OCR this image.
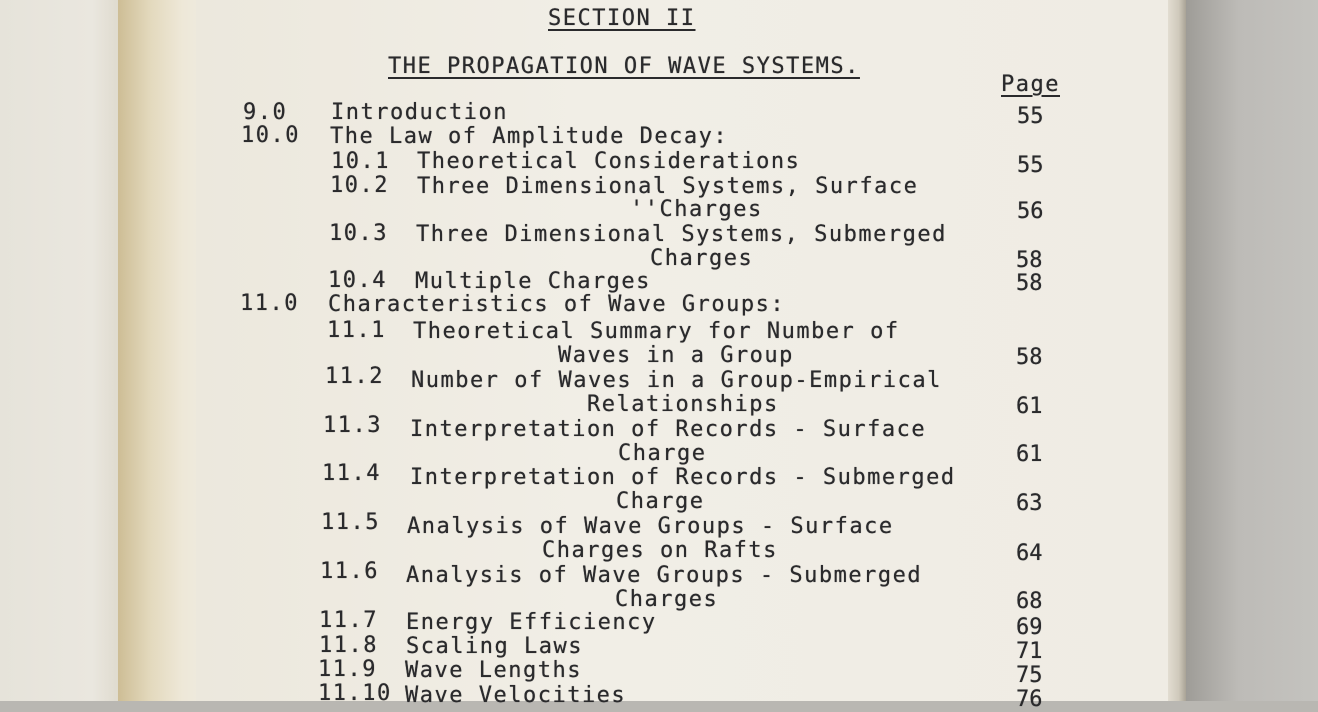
SECTION II
THE PROPAGATION OF WAVE SYSTEMS.
Page
9.0 Introduction	55
10.0 The Law of Amplitude Decay:
10.1 Theoretical Considerations	55
10.2 Three Dimensional Systems, Surface
''Charges	56
10.3 Three Dimensional Systems, Submerged
Charges	58
10.4 Multiple Charges	58
11.0 Characteristics of Wave Groups:
11.1 Theoretical Summary for Number of
Waves in a Group	58
11.2 Number of Waves in a Group-Empirical
Relationships	61
11.3 Interpretation of Records - Surface
Charge	61
11.4 Interpretation of Records - Submerged
Charge	63
11.5 Analysis of Wave Groups - Surface
Charges on Rafts	64
11.6 Analysis of Wave Groups - Submerged
Charges	68
11.7 Energy Efficiency	69
11.8 Scaling Laws	71
11.9 Wave Lengths	75
11.10 Wave Velocities	76
